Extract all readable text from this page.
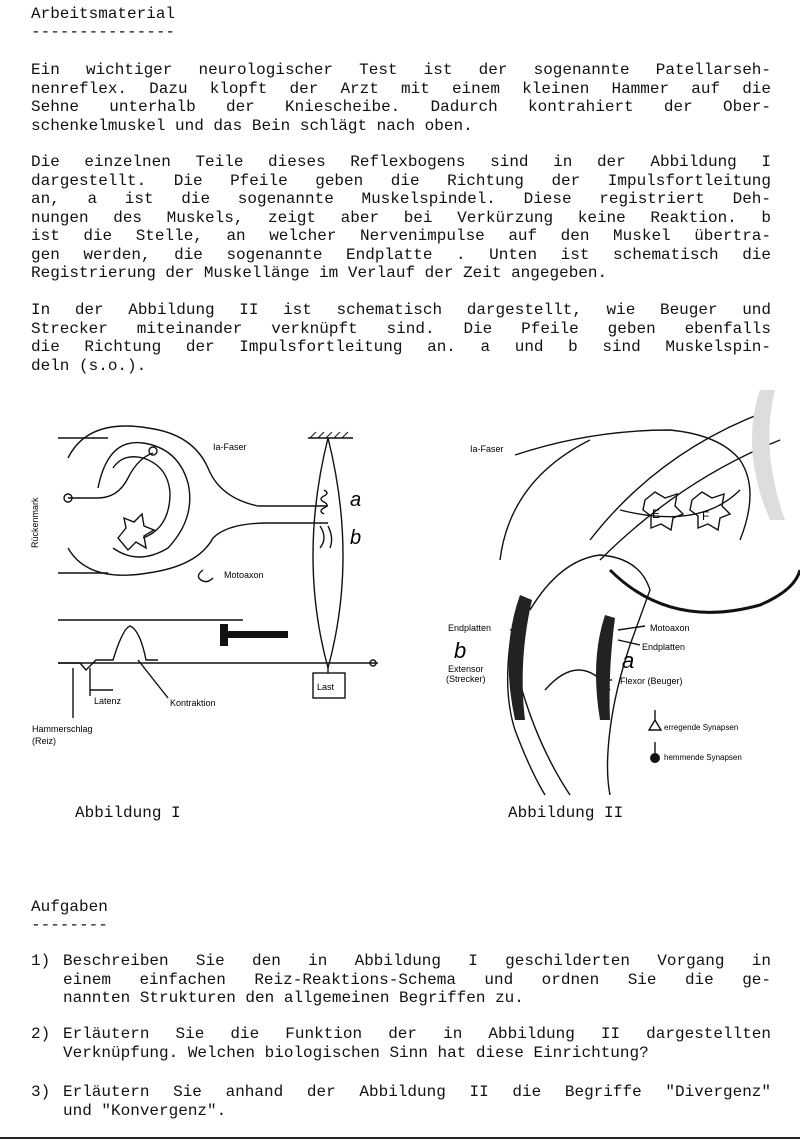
Arbeitsmaterial
---------------
Ein wichtiger neurologischer Test ist der sogenannte Patellarseh-
nenreflex. Dazu klopft der Arzt mit einem kleinen Hammer auf die
Sehne unterhalb der Kniescheibe. Dadurch kontrahiert der Ober-
schenkelmuskel und das Bein schlägt nach oben.
Die einzelnen Teile dieses Reflexbogens sind in der Abbildung I
dargestellt. Die Pfeile geben die Richtung der Impulsfortleitung
an, a ist die sogenannte Muskelspindel. Diese registriert Deh-
nungen des Muskels, zeigt aber bei Verkürzung keine Reaktion. b
ist die Stelle, an welcher Nervenimpulse auf den Muskel übertra-
gen werden, die sogenannte Endplatte . Unten ist schematisch die
Registrierung der Muskellänge im Verlauf der Zeit angegeben.
In der Abbildung II ist schematisch dargestellt, wie Beuger und
Strecker miteinander verknüpft sind. Die Pfeile geben ebenfalls
die Richtung der Impulsfortleitung an. a und b sind Muskelspin-
deln (s.o.).
Rückenmark
Ia-Faser
Motoaxon
a
b
Latenz	Kontraktion
Hammerschlag
(Reiz)
Last
Ia-Faser
E	F
Endplatten
b
Extensor
(Strecker)
Motoaxon
Endplatten
a
Flexor (Beuger)
erregende Synapsen
hemmende Synapsen
Abbildung I	Abbildung II
Aufgaben
--------
1) Beschreiben Sie den in Abbildung I geschilderten Vorgang in
einem einfachen Reiz-Reaktions-Schema und ordnen Sie die ge-
nannten Strukturen den allgemeinen Begriffen zu.
2) Erläutern Sie die Funktion der in Abbildung II dargestellten
Verknüpfung. Welchen biologischen Sinn hat diese Einrichtung?
3) Erläutern Sie anhand der Abbildung II die Begriffe "Divergenz"
und "Konvergenz".
